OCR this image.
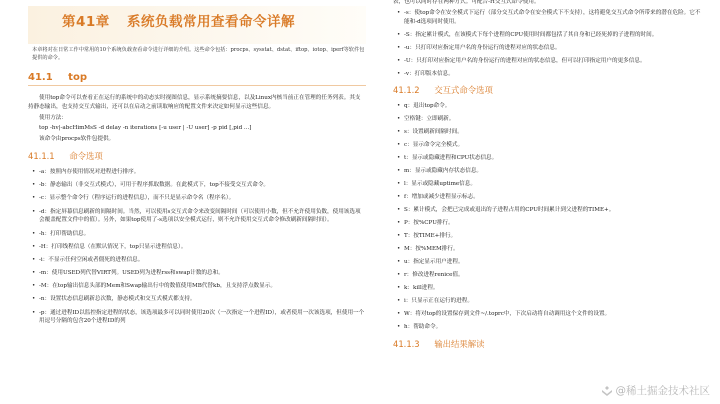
第41章 系统负载常用查看命令详解
本章将对在日常工作中常用的10个系统负载查看命令进行详细的介绍。这些命令包括：procps、sysstat、dstat、iftop、iotop、iperf等软件包提供的命令。
41.1 top

使用top命令可以查看正在运行的系统中的动态实时视图信息，显示系统摘要信息，以及Linux内核当前正在管理的任务列表。其支持静态输出，也支持交互式输出，还可以在启动之前读取响应的配置文件来决定如何显示这些信息。

使用方法：

top -hv|-abcHimMsS -d delay -n iterations [-u user | -U user] -p pid [,pid ...]

该命令由procps软件包提供。

41.1.1 命令选项
• -a：按照内存使用情况对进程进行排序。
• -b：静态输出（非交互式模式），可用于程序抓取数据。在此模式下，top不接受交互式命令。
• -c：显示整个命令行（程序运行的进程信息），而不只是显示命令名（程序名）。
• -d：指定屏幕信息刷新的间隔时间。当然，可以使用s交互式命令来改变间隔时间（可以使用小数，但不允许使用负数，使用该选项会覆盖配置文件中的值）。另外，如果top使用了-s选项以安全模式运行，则不允许使用交互式命令修改刷新间隔时间）。
• -h：打印帮助信息。
• -H：打印线程信息（在默认情况下，top只显示进程信息）。
• -i：不显示任何空闲或者僵死的进程信息。
• -m：使用USED列代替VIRT列。USED列为进程rss和swap计数的总和。
• -M：在top输出信息头部的Mem和Swap输出行中的数值使用MB代替kb，且支持浮点数显示。
• -n：设置状态信息刷新总次数，静态模式和交互式模式都支持。
• -p：通过进程ID以监控指定进程的状态，该选项最多可以同时使用20次（一次指定一个进程ID），或者使用一次该选项，但使用一个用逗号分隔的包含20个进程ID的列

表，也可以同时存在两种方式。可配合-H交互式命令使用。

• -s：使top命令在安全模式下运行（部分交互式命令在安全模式下不支持），这将避免交互式命令所带来的潜在危险。它不能和-d选项同时使用。
• -S：指定累计模式，在该模式下每个进程的CPU使用时间都包括了其自身和已经死掉的子进程的时间。
• -u：只打印对应指定用户名的身份运行的进程对应的状态信息。
• -U：只打印对应指定用户名的身份运行的进程对应的状态信息，但可以打印指定用户的更多信息。
• -v：打印版本信息。
41.1.2 交互式命令选项
• q：退出top命令。
• 空格键：立即刷新。
• s：设置刷新间隔时间。
• c：显示命令完全模式。
• t：显示或隐藏进程和CPU状态信息。
• m：显示或隐藏内存状态信息。
• l：显示或隐藏uptime信息。
• f：增加或减少进程显示标志。
• S：累计模式，会把已完成或退出的子进程占用的CPU时间累计到父进程的TIME+。
• P：按%CPU排行。
• T：按TIME+排行。
• M：按%MEM排行。
• u：指定显示用户进程。
• r：修改进程renice值。
• k：kill进程。
• i：只显示正在运行的进程。
• W：将对top的设置保存到文件~/.toprc中，下次启动将自动调用这个文件的设置。
• h：帮助命令。
41.1.3 输出结果解读
@稀土掘金技术社区
